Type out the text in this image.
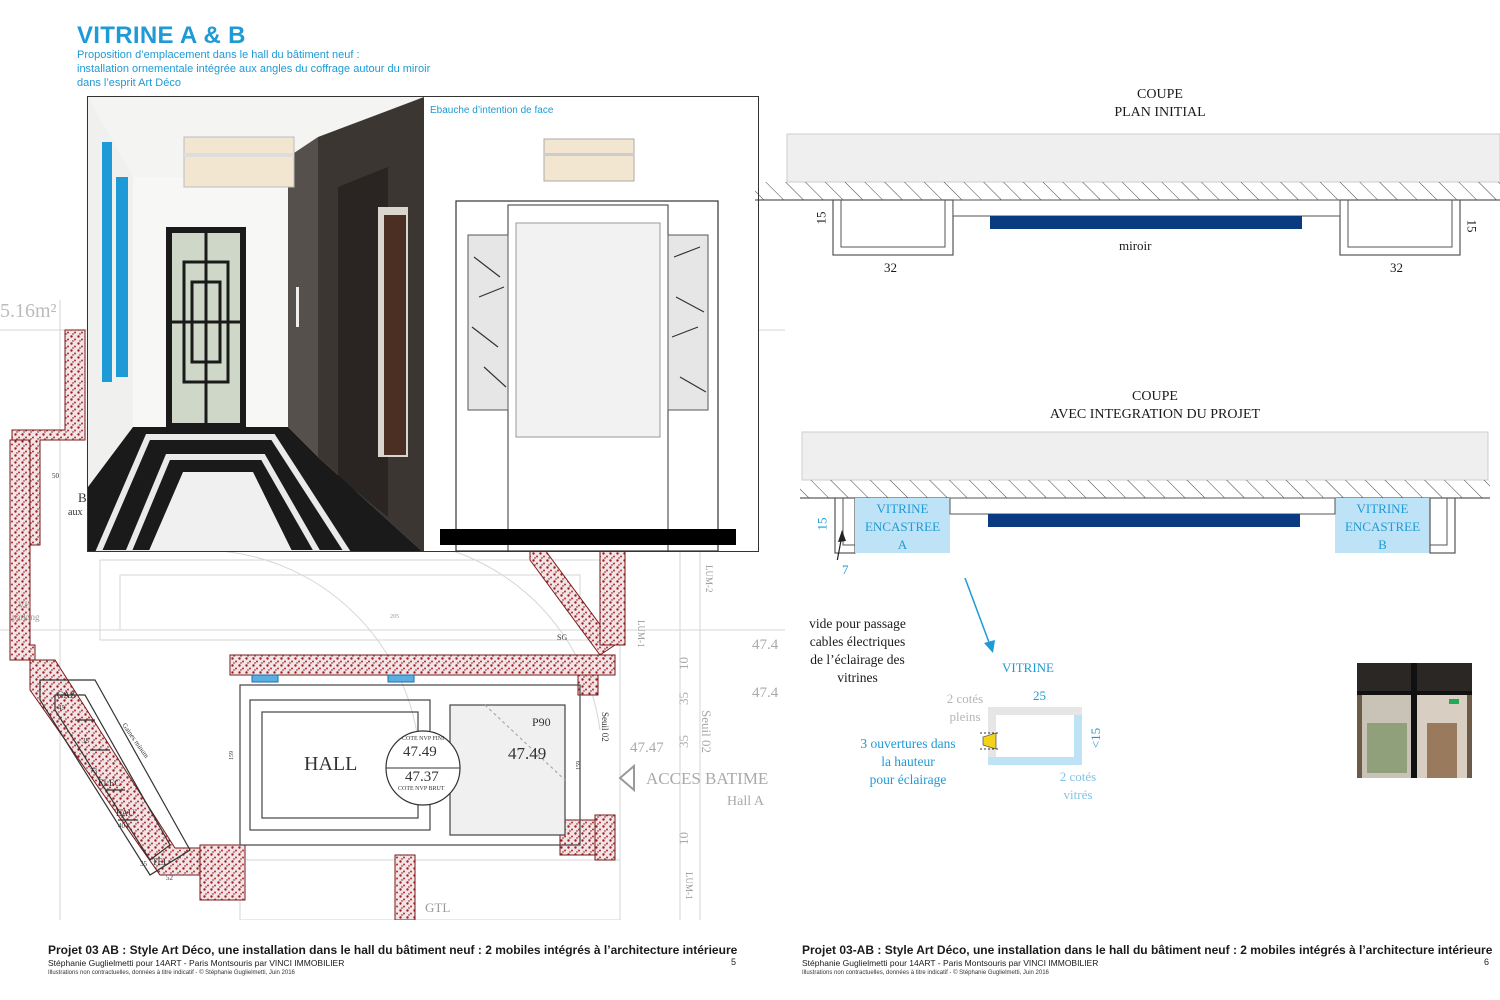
5.16m²
HALL
COTE NVP FINI
47.49
47.37
COTE NVP BRUT
47.49
P90
47.47
47.4
47.4
ACCES BATIME
Hall A
Seuil 02	Seuil 02
GAZ
ELEC
EAU
TEL
Gaines minum
VH
parking
B
aux
GTL
LUM-1
LUM-2
LUM-1
SG
50
45
35
73
40
35
52
159
159
205
10
35
35
10
VITRINE A & B
Proposition d’emplacement dans le hall du bâtiment neuf :
installation ornementale intégrée aux angles du coffrage autour du miroir
dans l’esprit Art Déco
Ebauche d’intention de face
Projet 03 AB : Style Art Déco, une installation dans le hall du bâtiment neuf : 2 mobiles intégrés à l’architecture intérieure
Stéphanie Guglielmetti pour 14ART - Paris Montsouris par VINCI IMMOBILIER
Illustrations non contractuelles, données à titre indicatif - © Stéphanie Guglielmetti, Juin 2016
5
COUPE
PLAN INITIAL
15
15
32	32
miroir
COUPE
AVEC INTEGRATION DU PROJET
VITRINE
ENCASTREE
A
VITRINE
ENCASTREE
B
15
7
vide pour passage
cables électriques
de l’éclairage des
vitrines
VITRINE
25
<15
2 cotés
pleins
3 ouvertures dans
la hauteur
pour éclairage	2 cotés
vitrés
Projet 03-AB : Style Art Déco, une installation dans le hall du bâtiment neuf : 2 mobiles intégrés à l’architecture intérieure
Stéphanie Guglielmetti pour 14ART - Paris Montsouris par VINCI IMMOBILIER
Illustrations non contractuelles, données à titre indicatif - © Stéphanie Guglielmetti, Juin 2016
6
